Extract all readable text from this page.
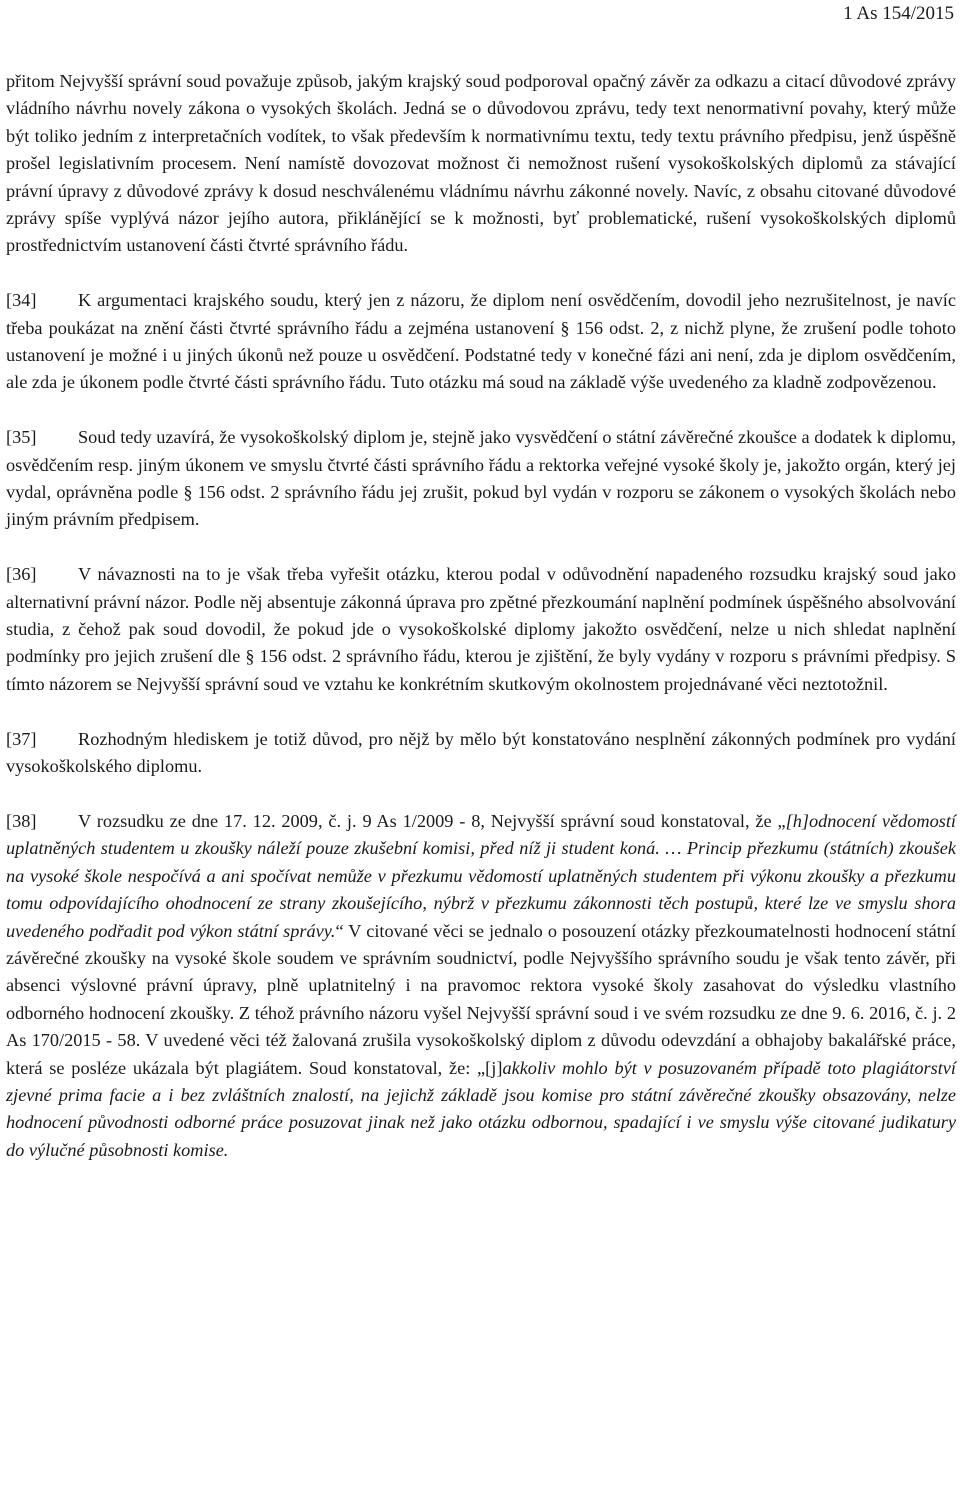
1 As 154/2015

přitom Nejvyšší správní soud považuje způsob, jakým krajský soud podporoval opačný závěr za odkazu a citací důvodové zprávy vládního návrhu novely zákona o vysokých školách. Jedná se o důvodovou zprávu, tedy text nenormativní povahy, který může být toliko jedním z interpretačních vodítek, to však především k normativnímu textu, tedy textu právního předpisu, jenž úspěšně prošel legislativním procesem. Není namístě dovozovat možnost či nemožnost rušení vysokoškolských diplomů za stávající právní úpravy z důvodové zprávy k dosud neschválenému vládnímu návrhu zákonné novely. Navíc, z obsahu citované důvodové zprávy spíše vyplývá názor jejího autora, přiklánějící se k možnosti, byť problematické, rušení vysokoškolských diplomů prostřednictvím ustanovení části čtvrté správního řádu.

[34] K argumentaci krajského soudu, který jen z názoru, že diplom není osvědčením, dovodil jeho nezrušitelnost, je navíc třeba poukázat na znění části čtvrté správního řádu a zejména ustanovení § 156 odst. 2, z nichž plyne, že zrušení podle tohoto ustanovení je možné i u jiných úkonů než pouze u osvědčení. Podstatné tedy v konečné fázi ani není, zda je diplom osvědčením, ale zda je úkonem podle čtvrté části správního řádu. Tuto otázku má soud na základě výše uvedeného za kladně zodpovězenou.

[35] Soud tedy uzavírá, že vysokoškolský diplom je, stejně jako vysvědčení o státní závěrečné zkoušce a dodatek k diplomu, osvědčením resp. jiným úkonem ve smyslu čtvrté části správního řádu a rektorka veřejné vysoké školy je, jakožto orgán, který jej vydal, oprávněna podle § 156 odst. 2 správního řádu jej zrušit, pokud byl vydán v rozporu se zákonem o vysokých školách nebo jiným právním předpisem.

[36] V návaznosti na to je však třeba vyřešit otázku, kterou podal v odůvodnění napadeného rozsudku krajský soud jako alternativní právní názor. Podle něj absentuje zákonná úprava pro zpětné přezkoumání naplnění podmínek úspěšného absolvování studia, z čehož pak soud dovodil, že pokud jde o vysokoškolské diplomy jakožto osvědčení, nelze u nich shledat naplnění podmínky pro jejich zrušení dle § 156 odst. 2 správního řádu, kterou je zjištění, že byly vydány v rozporu s právními předpisy. S tímto názorem se Nejvyšší správní soud ve vztahu ke konkrétním skutkovým okolnostem projednávané věci neztotožnil.

[37] Rozhodným hlediskem je totiž důvod, pro nějž by mělo být konstatováno nesplnění zákonných podmínek pro vydání vysokoškolského diplomu.

[38] V rozsudku ze dne 17. 12. 2009, č. j. 9 As 1/2009 - 8, Nejvyšší správní soud konstatoval, že „[h]odnocení vědomostí uplatněných studentem u zkoušky náleží pouze zkušební komisi, před níž ji student koná. … Princip přezkumu (státních) zkoušek na vysoké škole nespočívá a ani spočívat nemůže v přezkumu vědomostí uplatněných studentem při výkonu zkoušky a přezkumu tomu odpovídajícího ohodnocení ze strany zkoušejícího, nýbrž v přezkumu zákonnosti těch postupů, které lze ve smyslu shora uvedeného podřadit pod výkon státní správy.“ V citované věci se jednalo o posouzení otázky přezkoumatelnosti hodnocení státní závěrečné zkoušky na vysoké škole soudem ve správním soudnictví, podle Nejvyššího správního soudu je však tento závěr, při absenci výslovné právní úpravy, plně uplatnitelný i na pravomoc rektora vysoké školy zasahovat do výsledku vlastního odborného hodnocení zkoušky. Z téhož právního názoru vyšel Nejvyšší správní soud i ve svém rozsudku ze dne 9. 6. 2016, č. j. 2 As 170/2015 - 58. V uvedené věci též žalovaná zrušila vysokoškolský diplom z důvodu odevzdání a obhajoby bakalářské práce, která se posléze ukázala být plagiátem. Soud konstatoval, že: „[j]akkoliv mohlo být v posuzovaném případě toto plagiátorství zjevné prima facie a i bez zvláštních znalostí, na jejichž základě jsou komise pro státní závěrečné zkoušky obsazovány, nelze hodnocení původnosti odborné práce posuzovat jinak než jako otázku odbornou, spadající i ve smyslu výše citované judikatury do výlučné působnosti komise.
